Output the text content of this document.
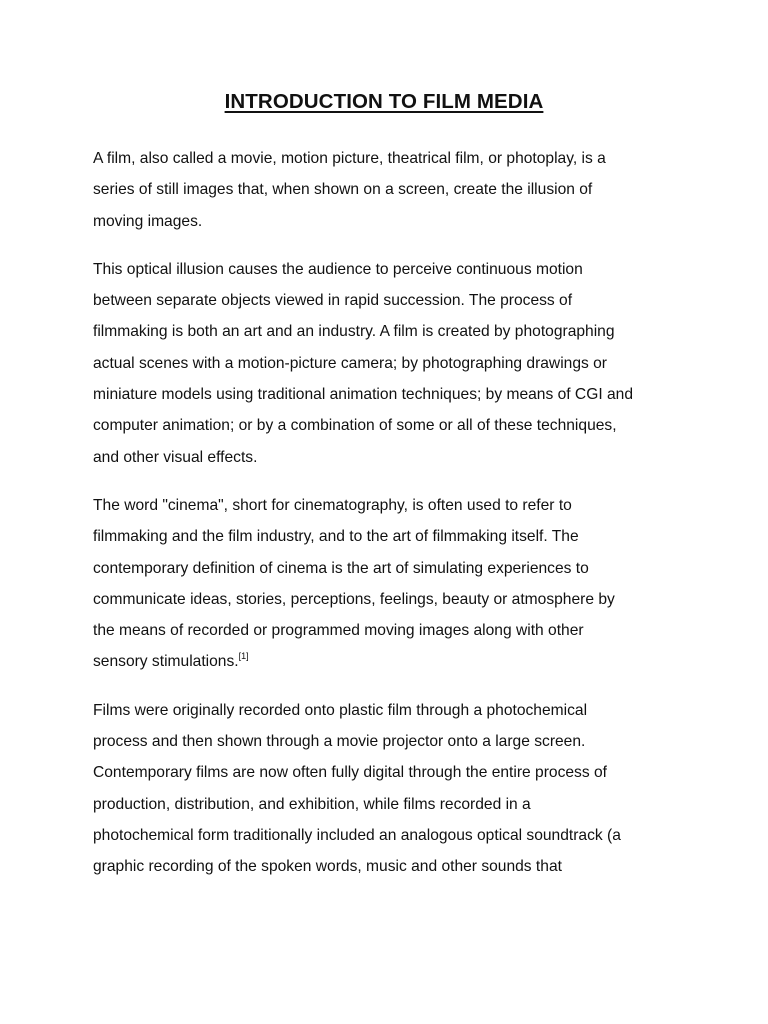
INTRODUCTION TO FILM MEDIA

A film, also called a movie, motion picture, theatrical film, or photoplay, is a
series of still images that, when shown on a screen, create the illusion of
moving images.

This optical illusion causes the audience to perceive continuous motion
between separate objects viewed in rapid succession. The process of
filmmaking is both an art and an industry. A film is created by photographing
actual scenes with a motion-picture camera; by photographing drawings or
miniature models using traditional animation techniques; by means of CGI and
computer animation; or by a combination of some or all of these techniques,
and other visual effects.

The word "cinema", short for cinematography, is often used to refer to
filmmaking and the film industry, and to the art of filmmaking itself. The
contemporary definition of cinema is the art of simulating experiences to
communicate ideas, stories, perceptions, feelings, beauty or atmosphere by
the means of recorded or programmed moving images along with other
sensory stimulations.[1]

Films were originally recorded onto plastic film through a photochemical
process and then shown through a movie projector onto a large screen.
Contemporary films are now often fully digital through the entire process of
production, distribution, and exhibition, while films recorded in a
photochemical form traditionally included an analogous optical soundtrack (a
graphic recording of the spoken words, music and other sounds that
